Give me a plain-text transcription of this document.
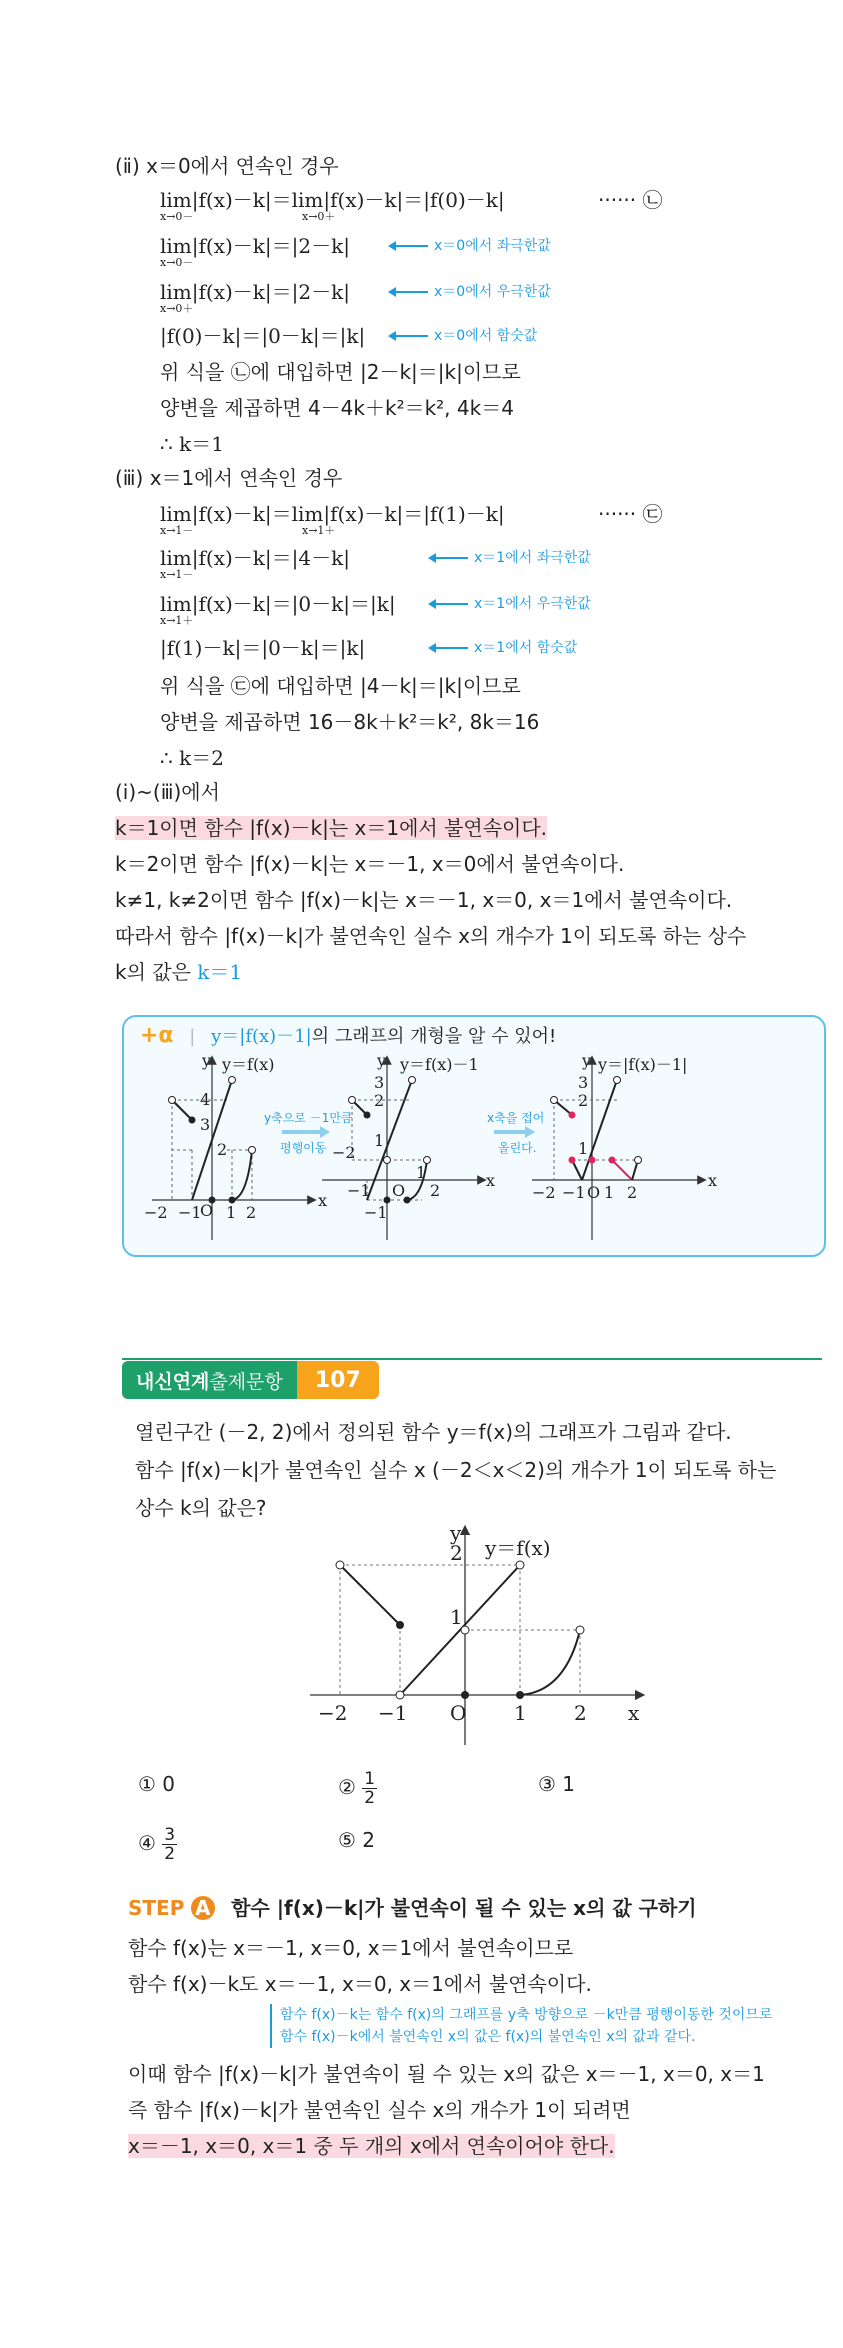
(ⅱ) x＝0에서 연속인 경우
lim|f(x)－k|＝lim|f(x)－k|＝|f(0)－k|
x→0－	x→0＋
······ ㉡
lim|f(x)－k|＝|2－k|
x→0－
x＝0에서 좌극한값
lim|f(x)－k|＝|2－k|
x→0＋
x＝0에서 우극한값
|f(0)－k|＝|0－k|＝|k|	x＝0에서 함숫값
위 식을 ㉡에 대입하면 |2－k|＝|k|이므로
양변을 제곱하면 4－4k＋k²＝k², 4k＝4
∴ k＝1
(ⅲ) x＝1에서 연속인 경우
lim|f(x)－k|＝lim|f(x)－k|＝|f(1)－k|
x→1－	x→1＋
······ ㉢
lim|f(x)－k|＝|4－k|
x→1－
x＝1에서 좌극한값
lim|f(x)－k|＝|0－k|＝|k|
x→1＋
x＝1에서 우극한값
|f(1)－k|＝|0－k|＝|k|	x＝1에서 함숫값
위 식을 ㉢에 대입하면 |4－k|＝|k|이므로
양변을 제곱하면 16－8k＋k²＝k², 8k＝16
∴ k＝2
(ⅰ)~(ⅲ)에서
k＝1이면 함수 |f(x)－k|는 x＝1에서 불연속이다.
k＝2이면 함수 |f(x)－k|는 x＝－1, x＝0에서 불연속이다.
k≠1, k≠2이면 함수 |f(x)－k|는 x＝－1, x＝0, x＝1에서 불연속이다.
따라서 함수 |f(x)－k|가 불연속인 실수 x의 개수가 1이 되도록 하는 상수
k의 값은 k＝1
+α | y＝|f(x)－1|의 그래프의 개형을 알 수 있어!
y
x
O
y＝f(x)
−2 −1 1 2
4
3
2
y축으로 －1만큼
평행이동
y
x
O
y＝f(x)－1
−2
−1
1
2
3
2
1
−1
x축을 접어
올린다.
y
x
O
y＝|f(x)－1|
−2 −1 1 2
3
2
1
내신연계 출제문항	107
열린구간 (－2, 2)에서 정의된 함수 y＝f(x)의 그래프가 그림과 같다.
함수 |f(x)－k|가 불연속인 실수 x (－2＜x＜2)의 개수가 1이 되도록 하는
상수 k의 값은?
y
x
O
y＝f(x)
−2 −1	1 2
2
1
① 0	② $\frac{1}{2}$	③ 1
④ $\frac{3}{2}$	⑤ 2
STEP A 함수 |f(x)－k|가 불연속이 될 수 있는 x의 값 구하기
함수 f(x)는 x＝－1, x＝0, x＝1에서 불연속이므로
함수 f(x)－k도 x＝－1, x＝0, x＝1에서 불연속이다.
함수 f(x)－k는 함수 f(x)의 그래프를 y축 방향으로 －k만큼 평행이동한 것이므로
함수 f(x)－k에서 불연속인 x의 값은 f(x)의 불연속인 x의 값과 같다.
이때 함수 |f(x)－k|가 불연속이 될 수 있는 x의 값은 x＝－1, x＝0, x＝1
즉 함수 |f(x)－k|가 불연속인 실수 x의 개수가 1이 되려면
x＝－1, x＝0, x＝1 중 두 개의 x에서 연속이어야 한다.
